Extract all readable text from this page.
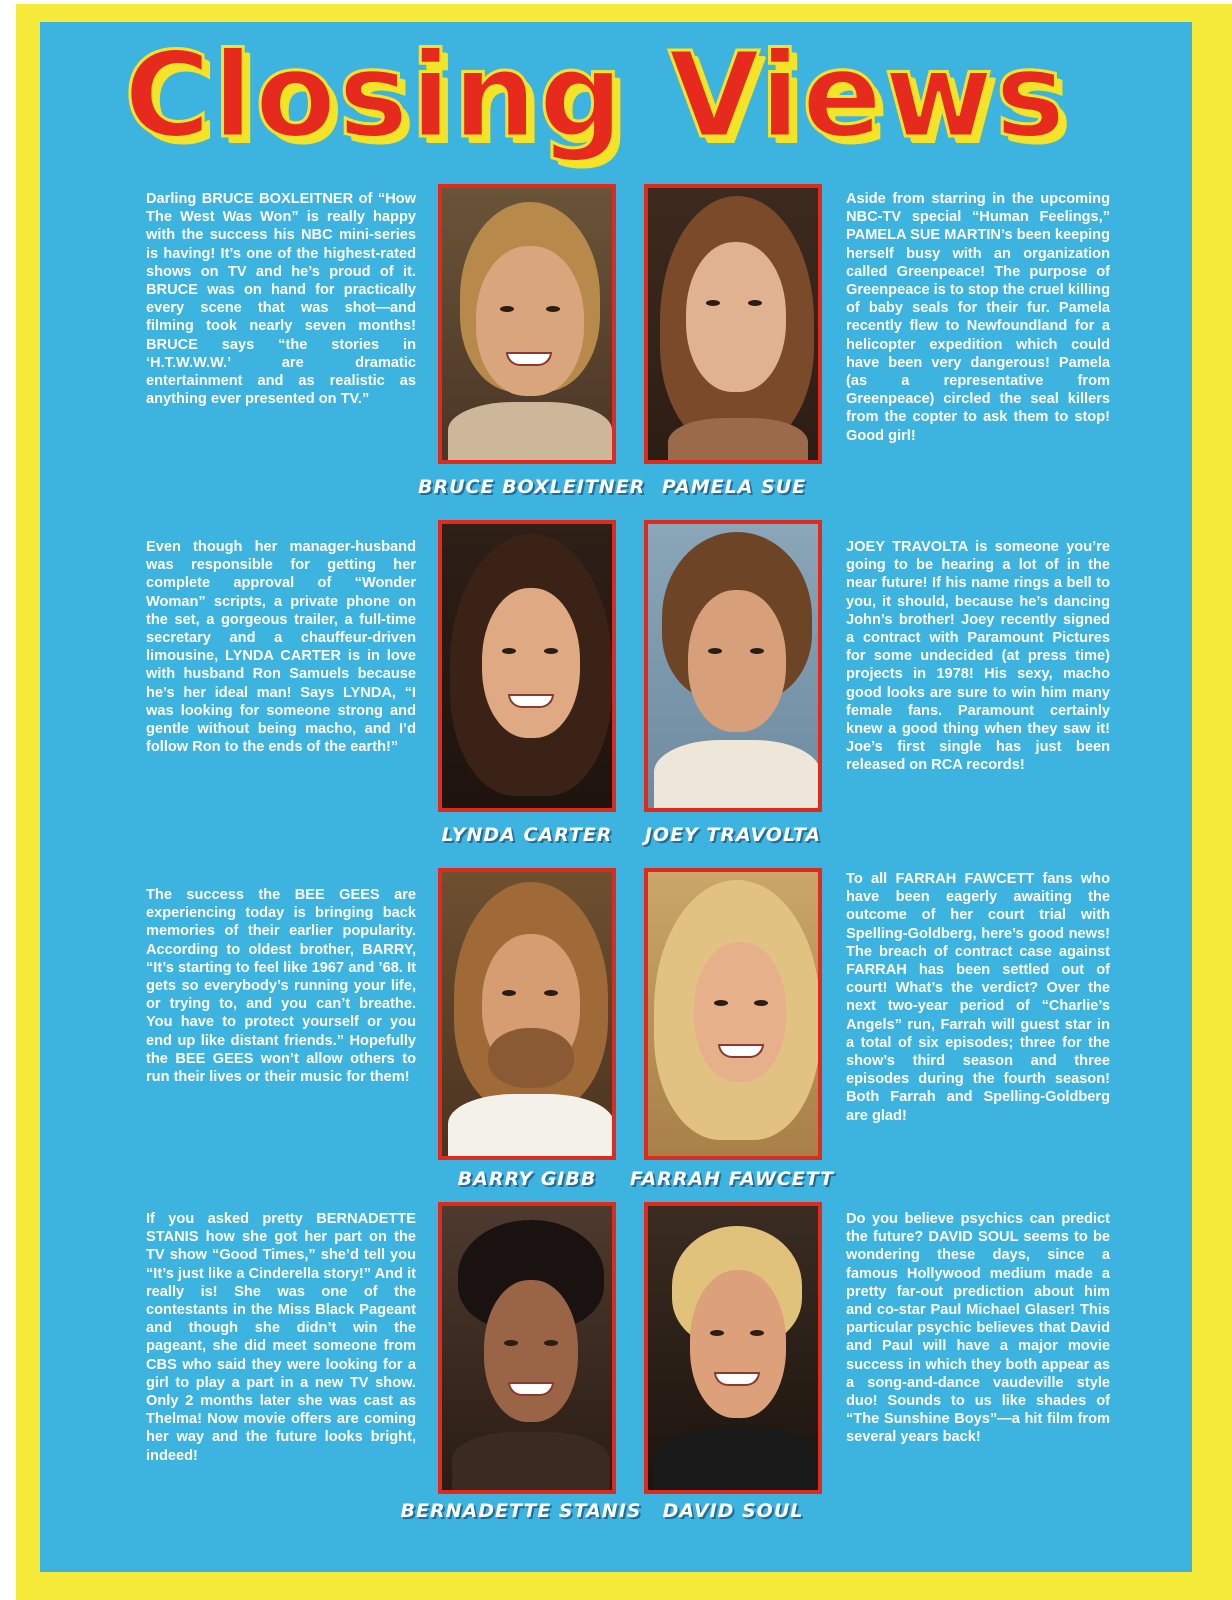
Closing Views
Darling BRUCE BOXLEITNER of “How The West Was Won” is really happy with the success his NBC mini-series is having! It’s one of the highest-rated shows on TV and he’s proud of it. BRUCE was on hand for practically every scene that was shot—and filming took nearly seven months! BRUCE says “the stories in ‘H.T.W.W.W.’ are dramatic entertainment and as realistic as anything ever presented on TV.”
Aside from starring in the upcoming NBC-TV special “Human Feelings,” PAMELA SUE MARTIN’s been keeping herself busy with an organization called Greenpeace! The purpose of Greenpeace is to stop the cruel killing of baby seals for their fur. Pamela recently flew to Newfoundland for a helicopter expedition which could have been very dangerous! Pamela (as a representative from Greenpeace) circled the seal killers from the copter to ask them to stop! Good girl!
BRUCE BOXLEITNER PAMELA SUE
Even though her manager-husband was responsible for getting her complete approval of “Wonder Woman” scripts, a private phone on the set, a gorgeous trailer, a full-time secretary and a chauffeur-driven limousine, LYNDA CARTER is in love with husband Ron Samuels because he’s her ideal man! Says LYNDA, “I was looking for someone strong and gentle without being macho, and I’d follow Ron to the ends of the earth!”
JOEY TRAVOLTA is someone you’re going to be hearing a lot of in the near future! If his name rings a bell to you, it should, because he’s dancing John’s brother! Joey recently signed a contract with Paramount Pictures for some undecided (at press time) projects in 1978! His sexy, macho good looks are sure to win him many female fans. Paramount certainly knew a good thing when they saw it! Joe’s first single has just been released on RCA records!
LYNDA CARTER	JOEY TRAVOLTA
The success the BEE GEES are experiencing today is bringing back memories of their earlier popularity. According to oldest brother, BARRY, “It’s starting to feel like 1967 and ’68. It gets so everybody’s running your life, or trying to, and you can’t breathe. You have to protect yourself or you end up like distant friends.” Hopefully the BEE GEES won’t allow others to run their lives or their music for them!
To all FARRAH FAWCETT fans who have been eagerly awaiting the outcome of her court trial with Spelling-Goldberg, here’s good news! The breach of contract case against FARRAH has been settled out of court! What’s the verdict? Over the next two-year period of “Charlie’s Angels” run, Farrah will guest star in a total of six episodes; three for the show’s third season and three episodes during the fourth season! Both Farrah and Spelling-Goldberg are glad!
BARRY GIBB	FARRAH FAWCETT
If you asked pretty BERNADETTE STANIS how she got her part on the TV show “Good Times,” she’d tell you “It’s just like a Cinderella story!” And it really is! She was one of the contestants in the Miss Black Pageant and though she didn’t win the pageant, she did meet someone from CBS who said they were looking for a girl to play a part in a new TV show. Only 2 months later she was cast as Thelma! Now movie offers are coming her way and the future looks bright, indeed!
Do you believe psychics can predict the future? DAVID SOUL seems to be wondering these days, since a famous Hollywood medium made a pretty far-out prediction about him and co-star Paul Michael Glaser! This particular psychic believes that David and Paul will have a major movie success in which they both appear as a song-and-dance vaudeville style duo! Sounds to us like shades of “The Sunshine Boys”—a hit film from several years back!
BERNADETTE STANIS	DAVID SOUL
